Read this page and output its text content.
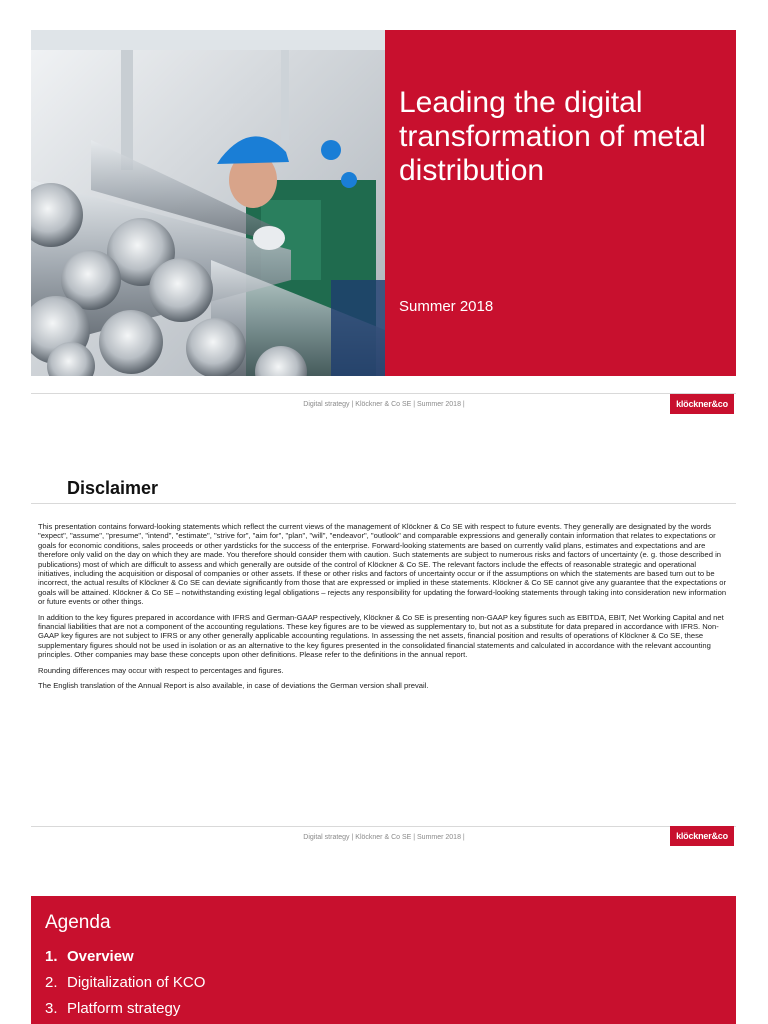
Leading the digital transformation of metal distribution
Summer 2018
Digital strategy | Klöckner & Co SE | Summer 2018 |	klöckner&co
Disclaimer

This presentation contains forward-looking statements which reflect the current views of the management of Klöckner & Co SE with respect to future events. They generally are designated by the words "expect", "assume", "presume", "intend", "estimate", "strive for", "aim for", "plan", "will", "endeavor", "outlook" and comparable expressions and generally contain information that relates to expectations or goals for economic conditions, sales proceeds or other yardsticks for the success of the enterprise. Forward-looking statements are based on currently valid plans, estimates and expectations and are therefore only valid on the day on which they are made. You therefore should consider them with caution. Such statements are subject to numerous risks and factors of uncertainty (e. g. those described in publications) most of which are difficult to assess and which generally are outside of the control of Klöckner & Co SE. The relevant factors include the effects of reasonable strategic and operational initiatives, including the acquisition or disposal of companies or other assets. If these or other risks and factors of uncertainty occur or if the assumptions on which the statements are based turn out to be incorrect, the actual results of Klöckner & Co SE can deviate significantly from those that are expressed or implied in these statements. Klöckner & Co SE cannot give any guarantee that the expectations or goals will be attained. Klöckner & Co SE – notwithstanding existing legal obligations – rejects any responsibility for updating the forward-looking statements through taking into consideration new information or future events or other things.

In addition to the key figures prepared in accordance with IFRS and German-GAAP respectively, Klöckner & Co SE is presenting non-GAAP key figures such as EBITDA, EBIT, Net Working Capital and net financial liabilities that are not a component of the accounting regulations. These key figures are to be viewed as supplementary to, but not as a substitute for data prepared in accordance with IFRS. Non-GAAP key figures are not subject to IFRS or any other generally applicable accounting regulations. In assessing the net assets, financial position and results of operations of Klöckner & Co SE, these supplementary figures should not be used in isolation or as an alternative to the key figures presented in the consolidated financial statements and calculated in accordance with the relevant accounting principles. Other companies may base these concepts upon other definitions. Please refer to the definitions in the annual report.

Rounding differences may occur with respect to percentages and figures.

The English translation of the Annual Report is also available, in case of deviations the German version shall prevail.

Digital strategy | Klöckner & Co SE | Summer 2018 |	klöckner&co
Agenda
1. Overview
2. Digitalization of KCO
3. Platform strategy
